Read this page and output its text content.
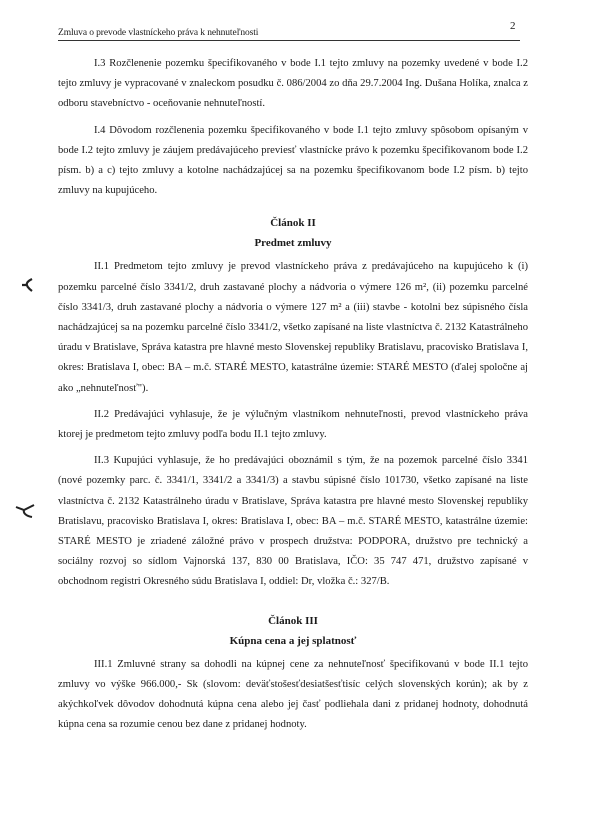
Zmluva o prevode vlastníckeho práva k nehnuteľnosti
2

I.3 Rozčlenenie pozemku špecifikovaného v bode I.1 tejto zmluvy na pozemky uvedené v bode I.2 tejto zmluvy je vypracované v znaleckom posudku č. 086/2004 zo dňa 29.7.2004 Ing. Dušana Holíka, znalca z odboru stavebníctvo - oceňovanie nehnuteľností.

I.4 Dôvodom rozčlenenia pozemku špecifikovaného v bode I.1 tejto zmluvy spôsobom opísaným v bode I.2 tejto zmluvy je záujem predávajúceho previesť vlastnícke právo k pozemku špecifikovanom bode I.2 písm. b) a c) tejto zmluvy a kotolne nachádzajúcej sa na pozemku špecifikovanom bode I.2 písm. b) tejto zmluvy na kupujúceho.

Článok II

Predmet zmluvy

II.1 Predmetom tejto zmluvy je prevod vlastníckeho práva z predávajúceho na kupujúceho k (i) pozemku parcelné číslo 3341/2, druh zastavané plochy a nádvoria o výmere 126 m², (ii) pozemku parcelné číslo 3341/3, druh zastavané plochy a nádvoria o výmere 127 m² a (iii) stavbe - kotolni bez súpisného čísla nachádzajúcej sa na pozemku parcelné číslo 3341/2, všetko zapísané na liste vlastníctva č. 2132 Katastrálneho úradu v Bratislave, Správa katastra pre hlavné mesto Slovenskej republiky Bratislavu, pracovisko Bratislava I, okres: Bratislava I, obec: BA – m.č. STARÉ MESTO, katastrálne územie: STARÉ MESTO (ďalej spoločne aj ako „nehnuteľnosť").

II.2 Predávajúci vyhlasuje, že je výlučným vlastníkom nehnuteľnosti, prevod vlastníckeho práva ktorej je predmetom tejto zmluvy podľa bodu II.1 tejto zmluvy.

II.3 Kupujúci vyhlasuje, že ho predávajúci oboznámil s tým, že na pozemok parcelné číslo 3341 (nové pozemky parc. č. 3341/1, 3341/2 a 3341/3) a stavbu súpisné číslo 101730, všetko zapísané na liste vlastníctva č. 2132 Katastrálneho úradu v Bratislave, Správa katastra pre hlavné mesto Slovenskej republiky Bratislavu, pracovisko Bratislava I, okres: Bratislava I, obec: BA – m.č. STARÉ MESTO, katastrálne územie: STARÉ MESTO je zriadené záložné právo v prospech družstva: PODPORA, družstvo pre technický a sociálny rozvoj so sídlom Vajnorská 137, 830 00 Bratislava, IČO: 35 747 471, družstvo zapísané v obchodnom registri Okresného súdu Bratislava I, oddiel: Dr, vložka č.: 327/B.

Článok III

Kúpna cena a jej splatnosť

III.1 Zmluvné strany sa dohodli na kúpnej cene za nehnuteľnosť špecifikovanú v bode II.1 tejto zmluvy vo výške 966.000,- Sk (slovom: deväťstošesťdesiatšesťtisíc celých slovenských korún); ak by z akýchkoľvek dôvodov dohodnutá kúpna cena alebo jej časť podliehala dani z pridanej hodnoty, dohodnutá kúpna cena sa rozumie cenou bez dane z pridanej hodnoty.
